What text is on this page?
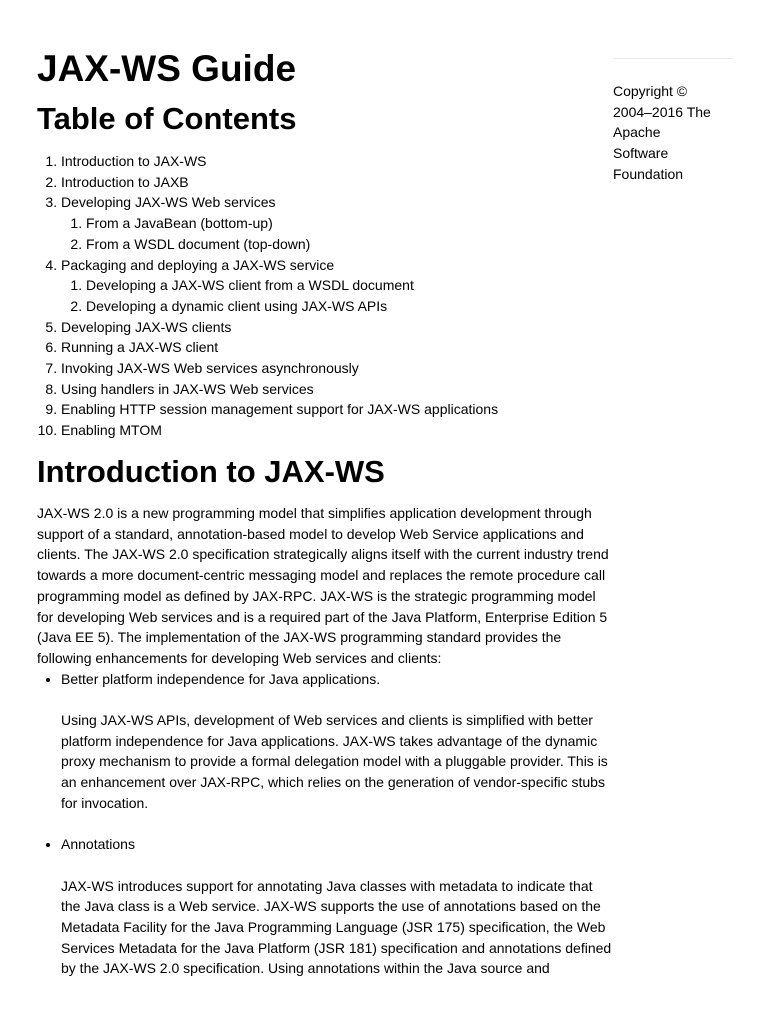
JAX-WS Guide
Table of Contents
1. Introduction to JAX-WS
2. Introduction to JAXB
3. Developing JAX-WS Web services
1. From a JavaBean (bottom-up)
2. From a WSDL document (top-down)
4. Packaging and deploying a JAX-WS service
1. Developing a JAX-WS client from a WSDL document
2. Developing a dynamic client using JAX-WS APIs
5. Developing JAX-WS clients
6. Running a JAX-WS client
7. Invoking JAX-WS Web services asynchronously
8. Using handlers in JAX-WS Web services
9. Enabling HTTP session management support for JAX-WS applications
10. Enabling MTOM
Introduction to JAX-WS

JAX-WS 2.0 is a new programming model that simplifies application development through support of a standard, annotation-based model to develop Web Service applications and clients. The JAX-WS 2.0 specification strategically aligns itself with the current industry trend towards a more document-centric messaging model and replaces the remote procedure call programming model as defined by JAX-RPC. JAX-WS is the strategic programming model for developing Web services and is a required part of the Java Platform, Enterprise Edition 5 (Java EE 5). The implementation of the JAX-WS programming standard provides the following enhancements for developing Web services and clients:

• Better platform independence for Java applications.
Using JAX-WS APIs, development of Web services and clients is simplified with better platform independence for Java applications. JAX-WS takes advantage of the dynamic proxy mechanism to provide a formal delegation model with a pluggable provider. This is an enhancement over JAX-RPC, which relies on the generation of vendor-specific stubs for invocation.
• Annotations
JAX-WS introduces support for annotating Java classes with metadata to indicate that the Java class is a Web service. JAX-WS supports the use of annotations based on the Metadata Facility for the Java Programming Language (JSR 175) specification, the Web Services Metadata for the Java Platform (JSR 181) specification and annotations defined by the JAX-WS 2.0 specification. Using annotations within the Java source and
Copyright © 2004–2016 The Apache Software Foundation
